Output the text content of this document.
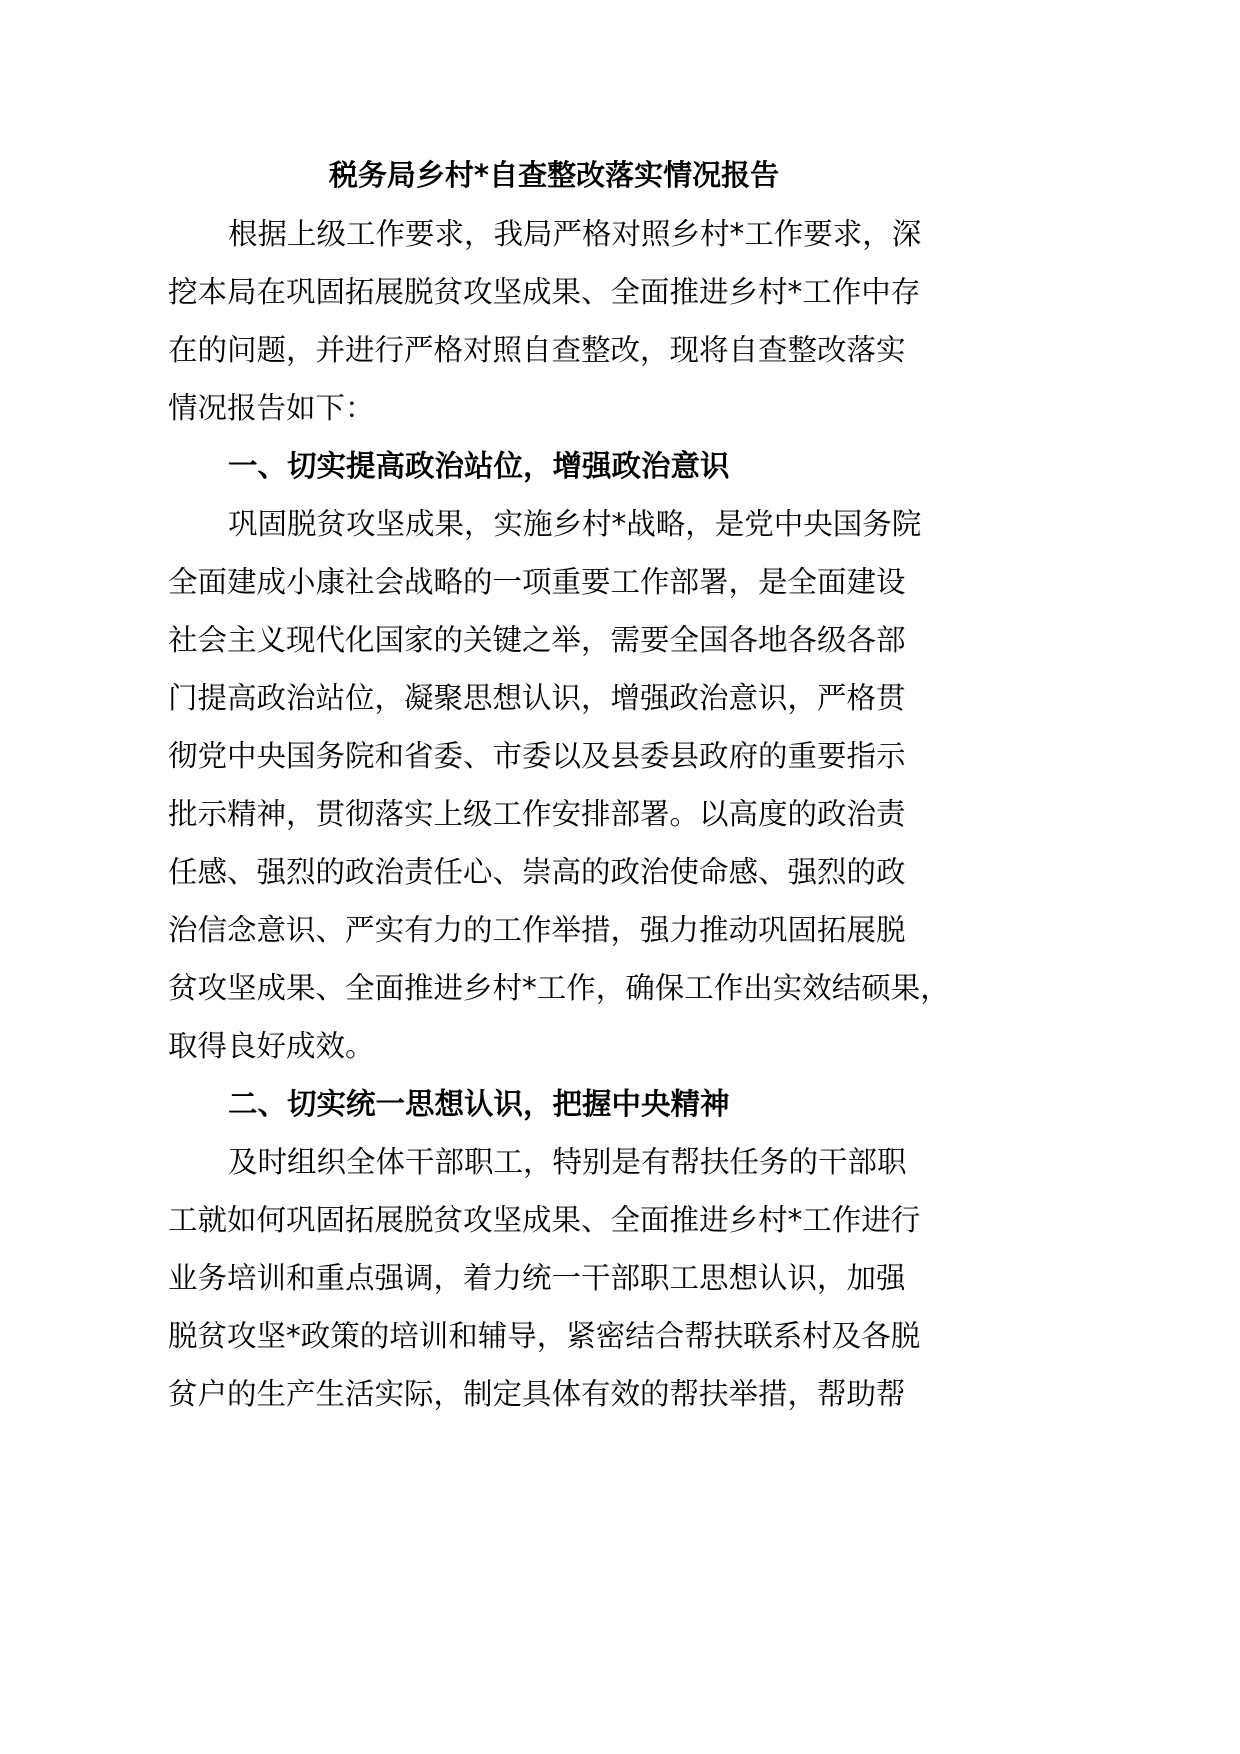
税务局乡村*自查整改落实情况报告
根据上级工作要求，我局严格对照乡村*工作要求，深
挖本局在巩固拓展脱贫攻坚成果、全面推进乡村*工作中存
在的问题，并进行严格对照自查整改，现将自查整改落实
情况报告如下：
一、切实提高政治站位，增强政治意识
巩固脱贫攻坚成果，实施乡村*战略，是党中央国务院
全面建成小康社会战略的一项重要工作部署，是全面建设
社会主义现代化国家的关键之举，需要全国各地各级各部
门提高政治站位，凝聚思想认识，增强政治意识，严格贯
彻党中央国务院和省委、市委以及县委县政府的重要指示
批示精神，贯彻落实上级工作安排部署。以高度的政治责
任感、强烈的政治责任心、崇高的政治使命感、强烈的政
治信念意识、严实有力的工作举措，强力推动巩固拓展脱
贫攻坚成果、全面推进乡村*工作，确保工作出实效结硕果，
取得良好成效。
二、切实统一思想认识，把握中央精神
及时组织全体干部职工，特别是有帮扶任务的干部职
工就如何巩固拓展脱贫攻坚成果、全面推进乡村*工作进行
业务培训和重点强调，着力统一干部职工思想认识，加强
脱贫攻坚*政策的培训和辅导，紧密结合帮扶联系村及各脱
贫户的生产生活实际，制定具体有效的帮扶举措，帮助帮
